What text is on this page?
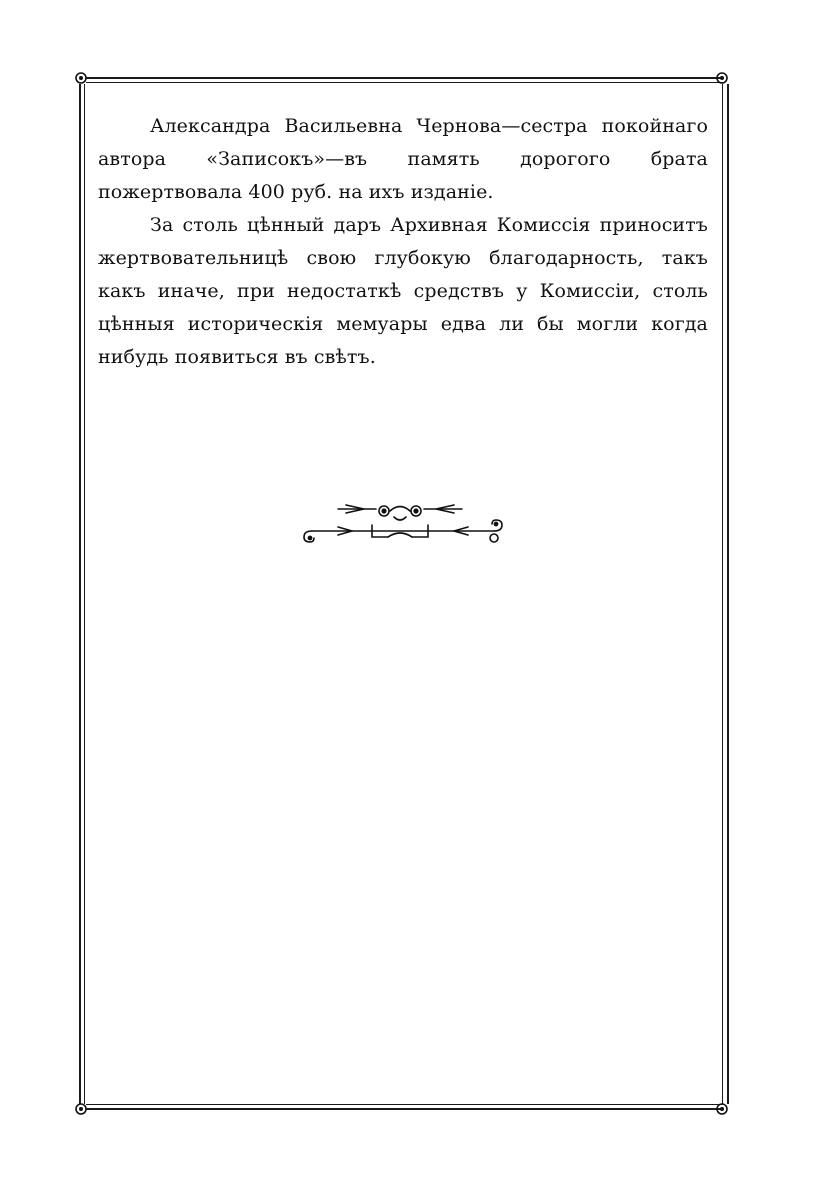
Александра Васильевна Чернова—сестра покойнаго автора «Записокъ»—въ память дорогого брата пожертвовала 400 руб. на ихъ изданіе.

За столь цѣнный даръ Архивная Комиссія приноситъ жертвовательницѣ свою глубокую благодарность, такъ какъ иначе, при недостаткѣ средствъ у Комиссіи, столь цѣнныя историческія мемуары едва ли бы могли когда нибудь появиться въ свѣтъ.
